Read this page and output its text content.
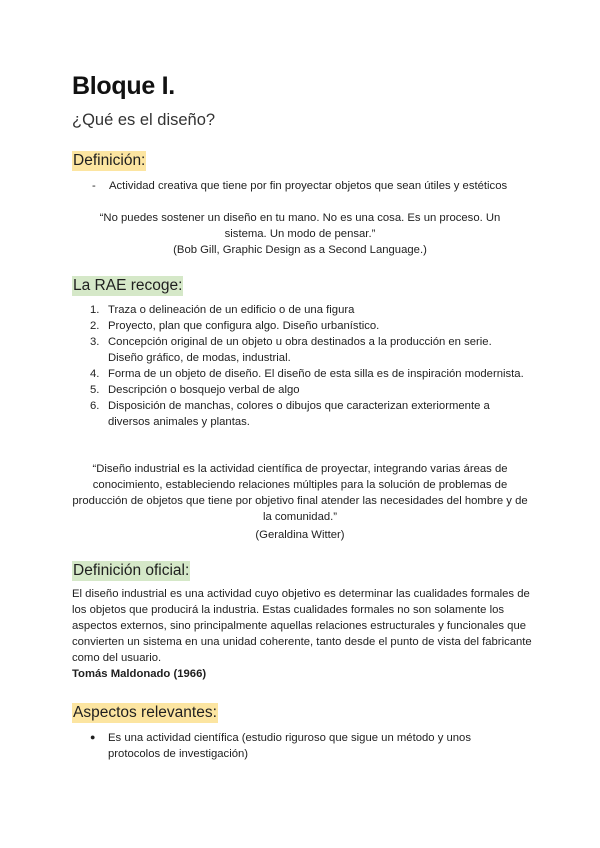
Bloque I.

¿Qué es el diseño?

Definición:

- Actividad creativa que tiene por fin proyectar objetos que sean útiles y estéticos
“No puedes sostener un diseño en tu mano. No es una cosa. Es un proceso. Un sistema. Un modo de pensar.”
(Bob Gill, Graphic Design as a Second Language.)

La RAE recoge:

1. Traza o delineación de un edificio o de una figura
2. Proyecto, plan que configura algo. Diseño urbanístico.
3. Concepción original de un objeto u obra destinados a la producción en serie. Diseño gráfico, de modas, industrial.
4. Forma de un objeto de diseño. El diseño de esta silla es de inspiración modernista.
5. Descripción o bosquejo verbal de algo
6. Disposición de manchas, colores o dibujos que caracterizan exteriormente a diversos animales y plantas.
“Diseño industrial es la actividad científica de proyectar, integrando varias áreas de conocimiento, estableciendo relaciones múltiples para la solución de problemas de producción de objetos que tiene por objetivo final atender las necesidades del hombre y de la comunidad.”
(Geraldina Witter)

Definición oficial:

El diseño industrial es una actividad cuyo objetivo es determinar las cualidades formales de los objetos que producirá la industria. Estas cualidades formales no son solamente los aspectos externos, sino principalmente aquellas relaciones estructurales y funcionales que convierten un sistema en una unidad coherente, tanto desde el punto de vista del fabricante como del usuario.
Tomás Maldonado (1966)

Aspectos relevantes:

● Es una actividad científica (estudio riguroso que sigue un método y unos protocolos de investigación)
